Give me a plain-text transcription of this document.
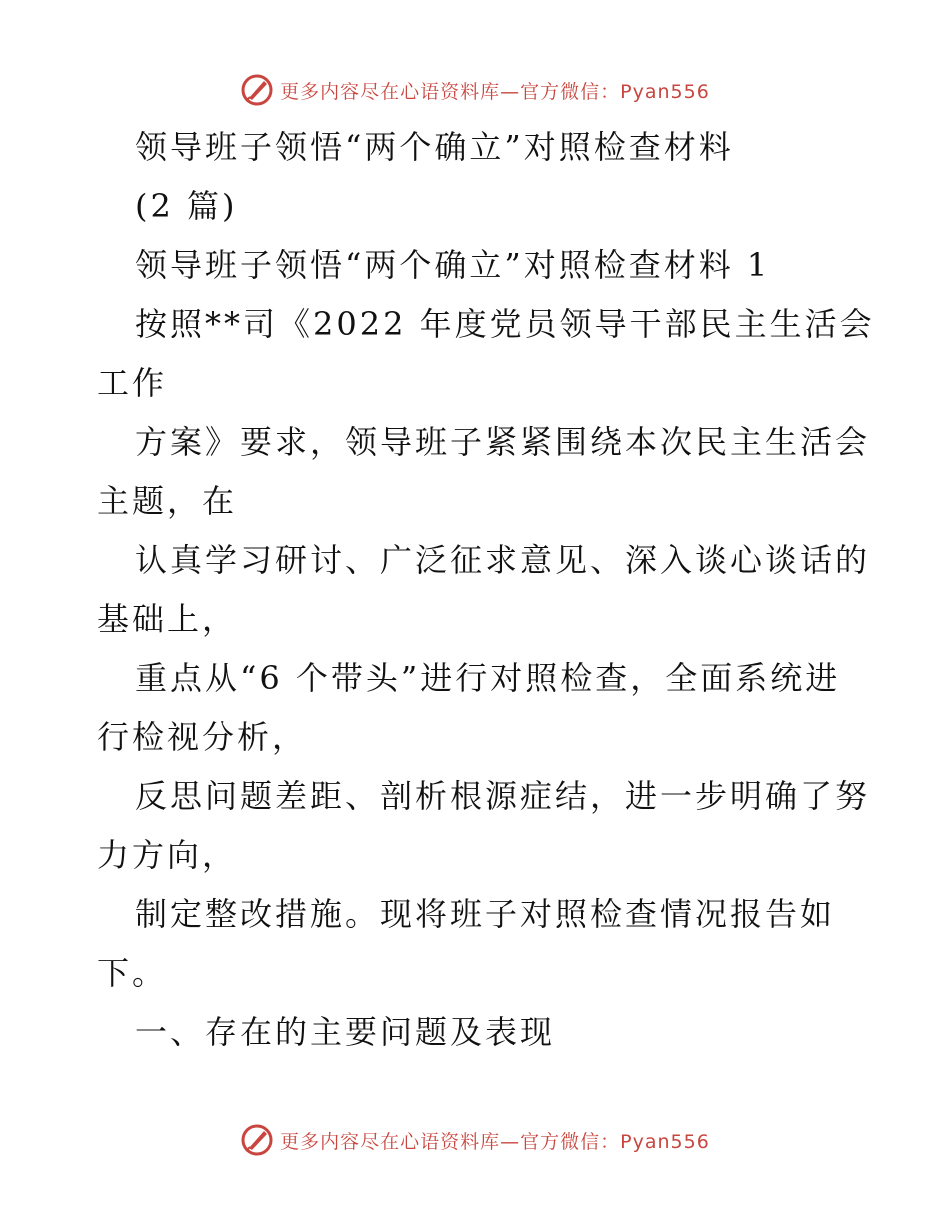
更多内容尽在心语资料库—官方微信：Pyan556
领导班子领悟“两个确立”对照检查材料
(2 篇)
领导班子领悟“两个确立”对照检查材料 1
按照**司《2022 年度党员领导干部民主生活会
工作
方案》要求，领导班子紧紧围绕本次民主生活会
主题，在
认真学习研讨、广泛征求意见、深入谈心谈话的
基础上，
重点从“6 个带头”进行对照检查，全面系统进
行检视分析，
反思问题差距、剖析根源症结，进一步明确了努
力方向，
制定整改措施。现将班子对照检查情况报告如
下。
一、存在的主要问题及表现
更多内容尽在心语资料库—官方微信：Pyan556
